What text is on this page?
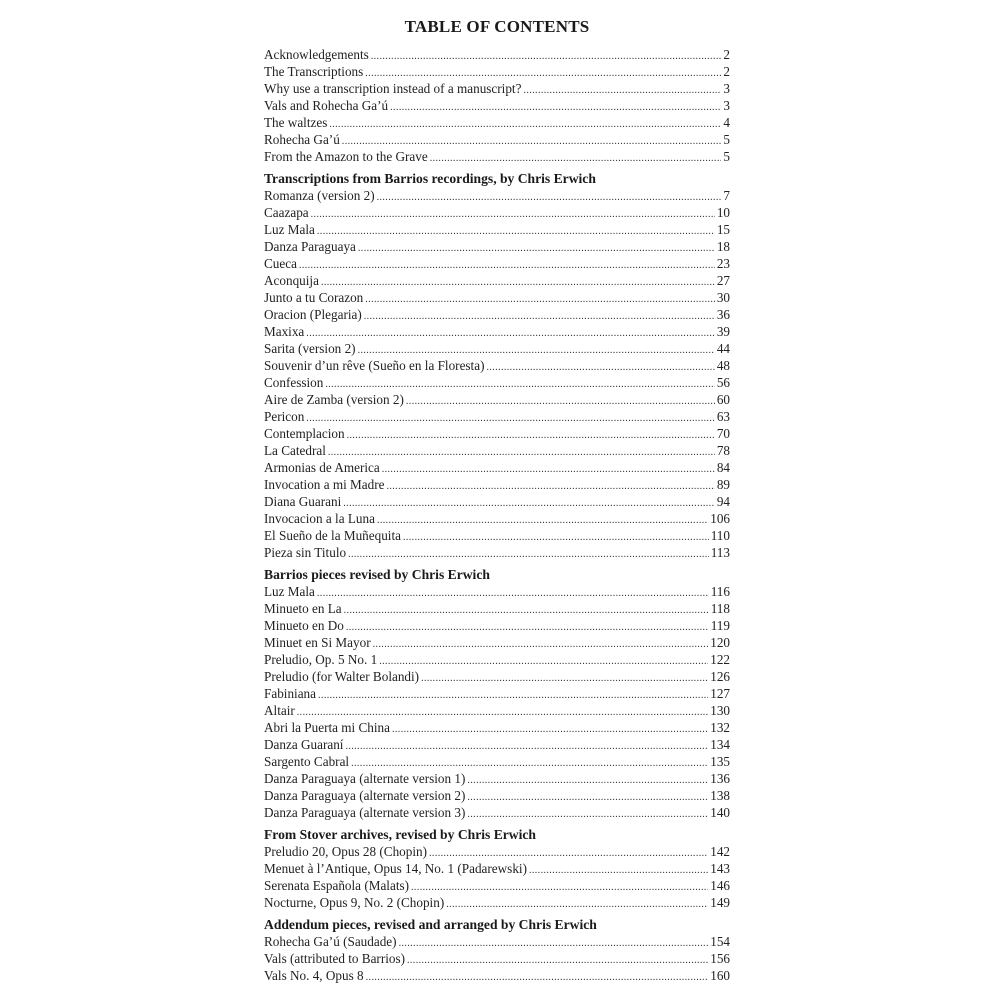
TABLE OF CONTENTS
Acknowledgements .....	2
The Transcriptions .....	2
Why use a transcription instead of a manuscript? .....	3
Vals and Rohecha Ga’ú .....	3
The waltzes .....	4
Rohecha Ga’ú .....	5
From the Amazon to the Grave .....	5
Transcriptions from Barrios recordings, by Chris Erwich
Romanza (version 2) .....	7
Caazapa .....	10
Luz Mala .....	15
Danza Paraguaya .....	18
Cueca .....	23
Aconquija .....	27
Junto a tu Corazon .....	30
Oracion (Plegaria) .....	36
Maxixa .....	39
Sarita (version 2) .....	44
Souvenir d’un rêve (Sueño en la Floresta) .....	48
Confession .....	56
Aire de Zamba (version 2) .....	60
Pericon .....	63
Contemplacion .....	70
La Catedral .....	78
Armonias de America .....	84
Invocation a mi Madre .....	89
Diana Guarani .....	94
Invocacion a la Luna .....	106
El Sueño de la Muñequita .....	110
Pieza sin Titulo .....	113
Barrios pieces revised by Chris Erwich
Luz Mala .....	116
Minueto en La .....	118
Minueto en Do .....	119
Minuet en Si Mayor .....	120
Preludio, Op. 5 No. 1 .....	122
Preludio (for Walter Bolandi) .....	126
Fabiniana .....	127
Altair .....	130
Abri la Puerta mi China .....	132
Danza Guaraní .....	134
Sargento Cabral .....	135
Danza Paraguaya (alternate version 1) .....	136
Danza Paraguaya (alternate version 2) .....	138
Danza Paraguaya (alternate version 3) .....	140
From Stover archives, revised by Chris Erwich
Preludio 20, Opus 28 (Chopin) .....	142
Menuet à l’Antique, Opus 14, No. 1 (Padarewski) .....	143
Serenata Española (Malats) .....	146
Nocturne, Opus 9, No. 2 (Chopin) .....	149
Addendum pieces, revised and arranged by Chris Erwich
Rohecha Ga’ú (Saudade) .....	154
Vals (attributed to Barrios) .....	156
Vals No. 4, Opus 8 .....	160
